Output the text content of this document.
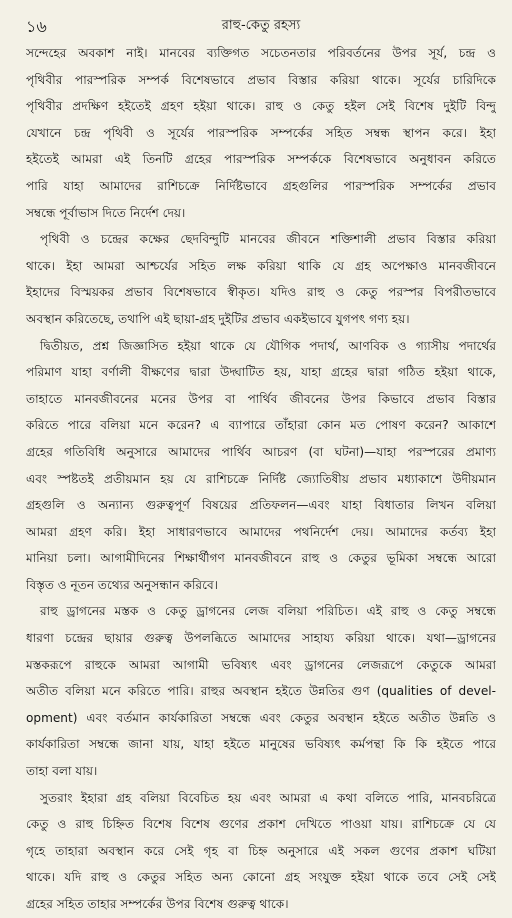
১৬	রাহু-কেতু রহস্য
সন্দেহের অবকাশ নাই। মানবের ব্যক্তিগত সচেতনতার পরিবর্তনের উপর সূর্য, চন্দ্র ও
পৃথিবীর পারস্পরিক সম্পর্ক বিশেষভাবে প্রভাব বিস্তার করিয়া থাকে। সূর্যের চারিদিকে
পৃথিবীর প্রদক্ষিণ হইতেই গ্রহণ হইয়া থাকে। রাহু ও কেতু হইল সেই বিশেষ দুইটি বিন্দু
যেখানে চন্দ্র পৃথিবী ও সূর্যের পারস্পরিক সম্পর্কের সহিত সম্বন্ধ স্থাপন করে। ইহা
হইতেই আমরা এই তিনটি গ্রহের পারস্পরিক সম্পর্ককে বিশেষভাবে অনুধাবন করিতে
পারি যাহা আমাদের রাশিচক্রে নির্দিষ্টভাবে গ্রহগুলির পারস্পরিক সম্পর্কের প্রভাব
সম্বন্ধে পূর্বাভাস দিতে নির্দেশ দেয়।
পৃথিবী ও চন্দ্রের কক্ষের ছেদবিন্দুটি মানবের জীবনে শক্তিশালী প্রভাব বিস্তার করিয়া
থাকে। ইহা আমরা আশ্চর্যের সহিত লক্ষ করিয়া থাকি যে গ্রহ অপেক্ষাও মানবজীবনে
ইহাদের বিস্ময়কর প্রভাব বিশেষভাবে স্বীকৃত। যদিও রাহু ও কেতু পরস্পর বিপরীতভাবে
অবস্থান করিতেছে, তথাপি এই ছায়া-গ্রহ দুইটির প্রভাব একইভাবে যুগপৎ গণ্য হয়।
দ্বিতীয়ত, প্রশ্ন জিজ্ঞাসিত হইয়া থাকে যে যৌগিক পদার্থ, আণবিক ও গ্যাসীয় পদার্থের
পরিমাণ যাহা বর্ণালী বীক্ষণের দ্বারা উদ্ঘাটিত হয়, যাহা গ্রহের দ্বারা গঠিত হইয়া থাকে,
তাহাতে মানবজীবনের মনের উপর বা পার্থিব জীবনের উপর কিভাবে প্রভাব বিস্তার
করিতে পারে বলিয়া মনে করেন? এ ব্যাপারে তাঁহারা কোন মত পোষণ করেন? আকাশে
গ্রহের গতিবিধি অনুসারে আমাদের পার্থিব আচরণ (বা ঘটনা)—যাহা পরস্পরের প্রমাণ্য
এবং স্পষ্টতই প্রতীয়মান হয় যে রাশিচক্রে নির্দিষ্ট জ্যোতিষীয় প্রভাব মধ্যাকাশে উদীয়মান
গ্রহগুলি ও অন্যান্য গুরুত্বপূর্ণ বিষয়ের প্রতিফলন—এবং যাহা বিধাতার লিখন বলিয়া
আমরা গ্রহণ করি। ইহা সাধারণভাবে আমাদের পথনির্দেশ দেয়। আমাদের কর্তব্য ইহা
মানিয়া চলা। আগামীদিনের শিক্ষার্থীগণ মানবজীবনে রাহু ও কেতুর ভূমিকা সম্বন্ধে আরো
বিস্তৃত ও নূতন তথ্যের অনুসন্ধান করিবে।
রাহু ড্রাগনের মস্তক ও কেতু ড্রাগনের লেজ বলিয়া পরিচিত। এই রাহু ও কেতু সম্বন্ধে
ধারণা চন্দ্রের ছায়ার গুরুত্ব উপলব্ধিতে আমাদের সাহায্য করিয়া থাকে। যথা—ড্রাগনের
মস্তকরূপে রাহুকে আমরা আগামী ভবিষ্যৎ এবং ড্রাগনের লেজরূপে কেতুকে আমরা
অতীত বলিয়া মনে করিতে পারি। রাহুর অবস্থান হইতে উন্নতির গুণ (qualities of devel-
opment) এবং বর্তমান কার্যকারিতা সম্বন্ধে এবং কেতুর অবস্থান হইতে অতীত উন্নতি ও
কার্যকারিতা সম্বন্ধে জানা যায়, যাহা হইতে মানুষের ভবিষ্যৎ কর্মপন্থা কি কি হইতে পারে
তাহা বলা যায়।
সুতরাং ইহারা গ্রহ বলিয়া বিবেচিত হয় এবং আমরা এ কথা বলিতে পারি, মানবচরিত্রে
কেতু ও রাহু চিহ্নিত বিশেষ বিশেষ গুণের প্রকাশ দেখিতে পাওয়া যায়। রাশিচক্রে যে যে
গৃহে তাহারা অবস্থান করে সেই গৃহ বা চিহ্ন অনুসারে এই সকল গুণের প্রকাশ ঘটিয়া
থাকে। যদি রাহু ও কেতুর সহিত অন্য কোনো গ্রহ সংযুক্ত হইয়া থাকে তবে সেই সেই
গ্রহের সহিত তাহার সম্পর্কের উপর বিশেষ গুরুত্ব থাকে।
